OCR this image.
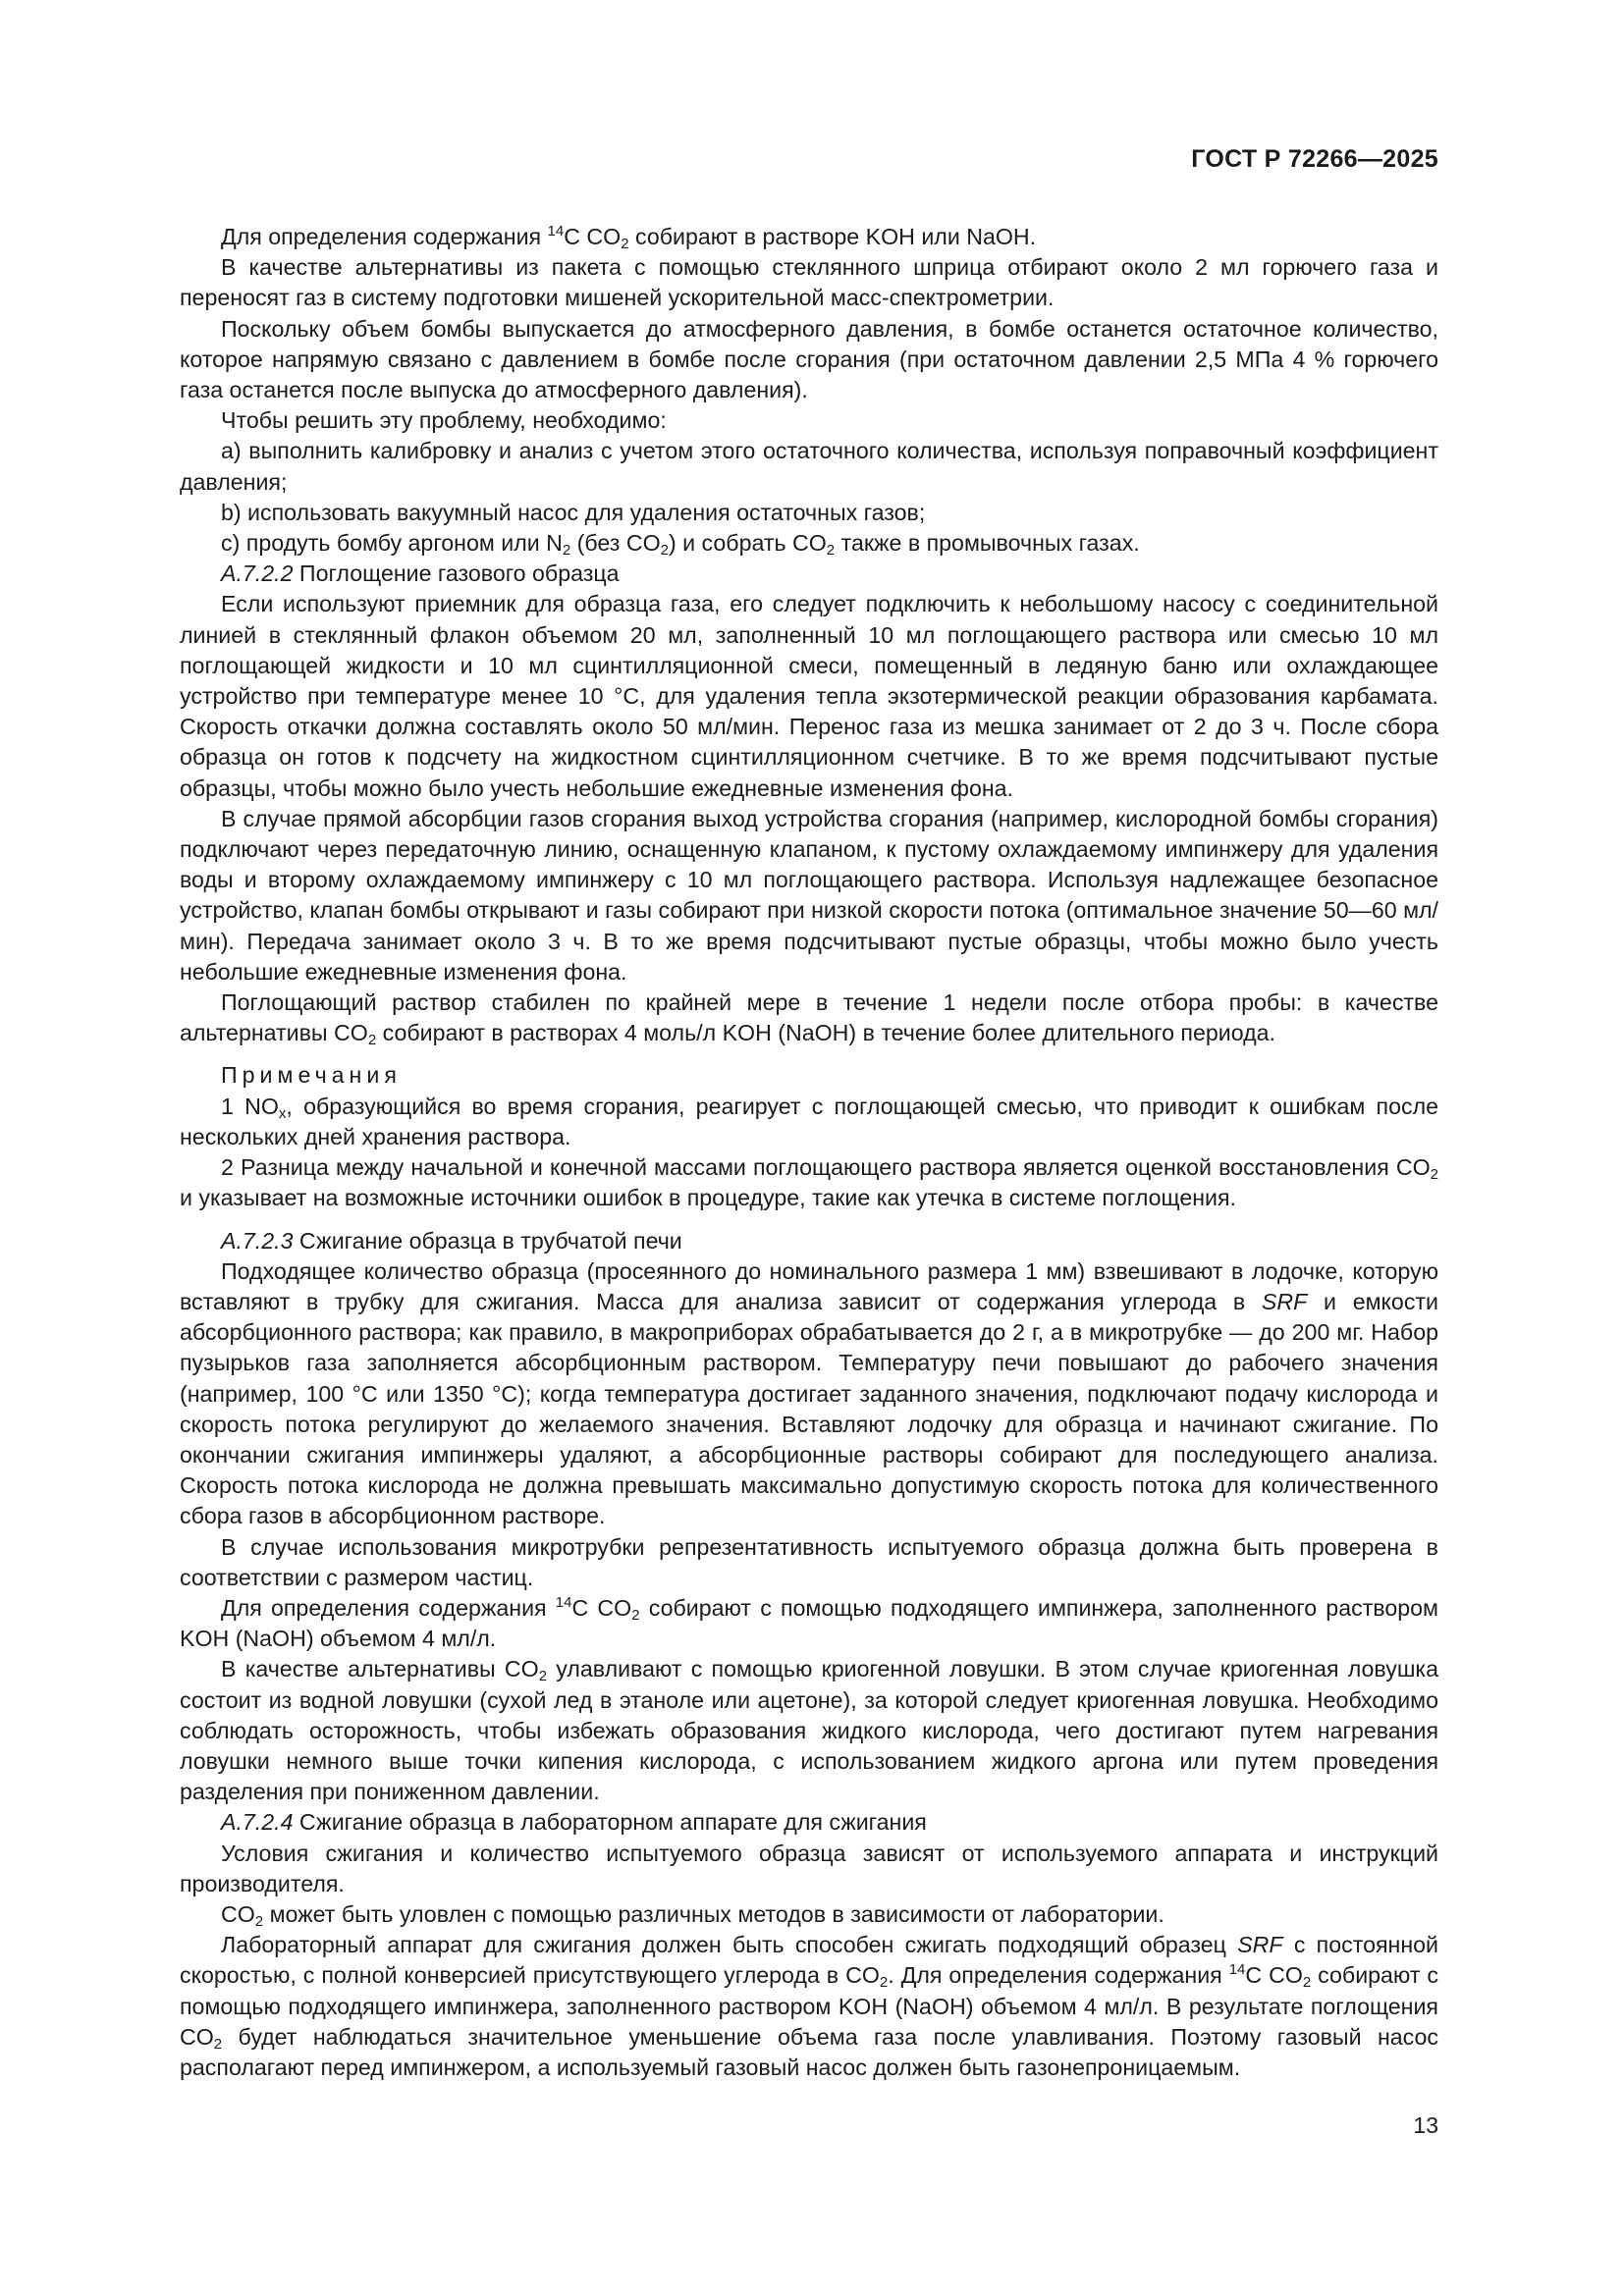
ГОСТ Р 72266—2025

Для определения содержания $^{14}$C $CO_2$ собирают в растворе KOH или NaOH.

В качестве альтернативы из пакета с помощью стеклянного шприца отбирают около 2 мл горючего газа и переносят газ в систему подготовки мишеней ускорительной масс-спектрометрии.

Поскольку объем бомбы выпускается до атмосферного давления, в бомбе останется остаточное количество, которое напрямую связано с давлением в бомбе после сгорания (при остаточном давлении 2,5 МПа 4 % горючего газа останется после выпуска до атмосферного давления).

Чтобы решить эту проблему, необходимо:

a) выполнить калибровку и анализ с учетом этого остаточного количества, используя поправочный коэффициент давления;

b) использовать вакуумный насос для удаления остаточных газов;

c) продуть бомбу аргоном или $N_2$ (без $CO_2$) и собрать $CO_2$ также в промывочных газах.

A.7.2.2 Поглощение газового образца

Если используют приемник для образца газа, его следует подключить к небольшому насосу с соединительной линией в стеклянный флакон объемом 20 мл, заполненный 10 мл поглощающего раствора или смесью 10 мл поглощающей жидкости и 10 мл сцинтилляционной смеси, помещенный в ледяную баню или охлаждающее устройство при температуре менее 10 °C, для удаления тепла экзотермической реакции образования карбамата. Скорость откачки должна составлять около 50 мл/мин. Перенос газа из мешка занимает от 2 до 3 ч. После сбора образца он готов к подсчету на жидкостном сцинтилляционном счетчике. В то же время подсчитывают пустые образцы, чтобы можно было учесть небольшие ежедневные изменения фона.

В случае прямой абсорбции газов сгорания выход устройства сгорания (например, кислородной бомбы сгорания) подключают через передаточную линию, оснащенную клапаном, к пустому охлаждаемому импинжеру для удаления воды и второму охлаждаемому импинжеру с 10 мл поглощающего раствора. Используя надлежащее безопасное устройство, клапан бомбы открывают и газы собирают при низкой скорости потока (оптимальное значение 50—60 мл/мин). Передача занимает около 3 ч. В то же время подсчитывают пустые образцы, чтобы можно было учесть небольшие ежедневные изменения фона.

Поглощающий раствор стабилен по крайней мере в течение 1 недели после отбора пробы: в качестве альтернативы $CO_2$ собирают в растворах 4 моль/л KOH (NaOH) в течение более длительного периода.

Примечания

1 $NO_x$, образующийся во время сгорания, реагирует с поглощающей смесью, что приводит к ошибкам после нескольких дней хранения раствора.

2 Разница между начальной и конечной массами поглощающего раствора является оценкой восстановления $CO_2$ и указывает на возможные источники ошибок в процедуре, такие как утечка в системе поглощения.

A.7.2.3 Сжигание образца в трубчатой печи

Подходящее количество образца (просеянного до номинального размера 1 мм) взвешивают в лодочке, которую вставляют в трубку для сжигания. Масса для анализа зависит от содержания углерода в SRF и емкости абсорбционного раствора; как правило, в макроприборах обрабатывается до 2 г, а в микротрубке — до 200 мг. Набор пузырьков газа заполняется абсорбционным раствором. Температуру печи повышают до рабочего значения (например, 100 °C или 1350 °C); когда температура достигает заданного значения, подключают подачу кислорода и скорость потока регулируют до желаемого значения. Вставляют лодочку для образца и начинают сжигание. По окончании сжигания импинжеры удаляют, а абсорбционные растворы собирают для последующего анализа. Скорость потока кислорода не должна превышать максимально допустимую скорость потока для количественного сбора газов в абсорбционном растворе.

В случае использования микротрубки репрезентативность испытуемого образца должна быть проверена в соответствии с размером частиц.

Для определения содержания $^{14}$C $CO_2$ собирают с помощью подходящего импинжера, заполненного раствором KOH (NaOH) объемом 4 мл/л.

В качестве альтернативы $CO_2$ улавливают с помощью криогенной ловушки. В этом случае криогенная ловушка состоит из водной ловушки (сухой лед в этаноле или ацетоне), за которой следует криогенная ловушка. Необходимо соблюдать осторожность, чтобы избежать образования жидкого кислорода, чего достигают путем нагревания ловушки немного выше точки кипения кислорода, с использованием жидкого аргона или путем проведения разделения при пониженном давлении.

A.7.2.4 Сжигание образца в лабораторном аппарате для сжигания

Условия сжигания и количество испытуемого образца зависят от используемого аппарата и инструкций производителя.

$CO_2$ может быть уловлен с помощью различных методов в зависимости от лаборатории.

Лабораторный аппарат для сжигания должен быть способен сжигать подходящий образец SRF с постоянной скоростью, с полной конверсией присутствующего углерода в $CO_2$. Для определения содержания $^{14}$C $CO_2$ собирают с помощью подходящего импинжера, заполненного раствором KOH (NaOH) объемом 4 мл/л. В результате поглощения $CO_2$ будет наблюдаться значительное уменьшение объема газа после улавливания. Поэтому газовый насос располагают перед импинжером, а используемый газовый насос должен быть газонепроницаемым.

13
